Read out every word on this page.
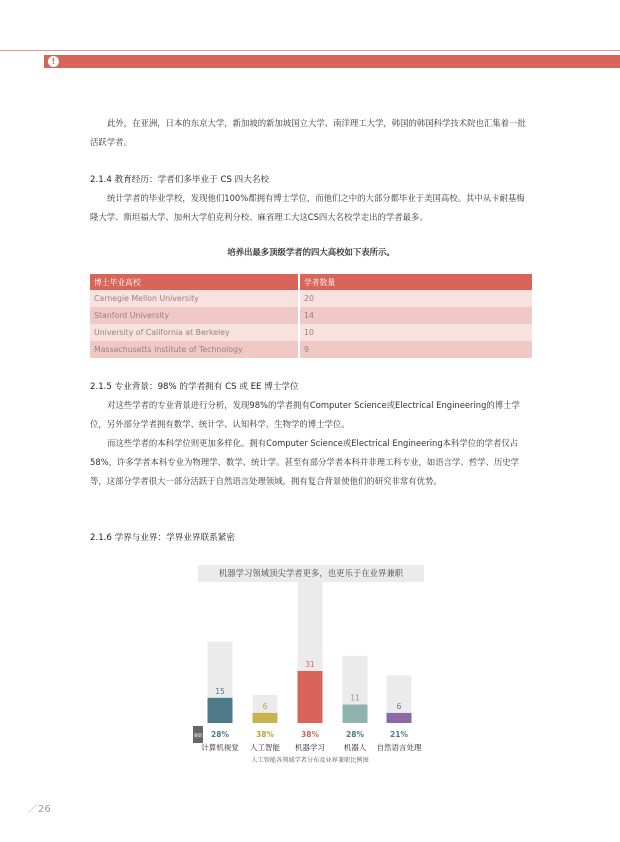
!

此外，在亚洲，日本的东京大学，新加坡的新加坡国立大学、南洋理工大学，韩国的韩国科学技术院也汇集着一批活跃学者。

2.1.4 教育经历：学者们多毕业于 CS 四大名校

统计学者的毕业学校，发现他们100%都拥有博士学位，而他们之中的大部分都毕业于美国高校。其中从卡耐基梅隆大学、斯坦福大学、加州大学伯克利分校、麻省理工大这CS四大名校学走出的学者最多。

培养出最多顶级学者的四大高校如下表所示。
博士毕业高校	学者数量
Carnegie Mellon University	20
Stanford University	14
University of California at Berkeley	10
Massachusetts Institute of Technology	9

2.1.5 专业背景：98% 的学者拥有 CS 或 EE 博士学位

对这些学者的专业背景进行分析，发现98%的学者拥有Computer Science或Electrical Engineering的博士学位，另外部分学者拥有数学、统计学、认知科学、生物学的博士学位。

而这些学者的本科学位则更加多样化。拥有Computer Science或Electrical Engineering本科学位的学者仅占58%，许多学者本科专业为物理学、数学、统计学。甚至有部分学者本科并非理工科专业，如语言学、哲学、历史学等，这部分学者很大一部分活跃于自然语言处理领域，拥有复合背景使他们的研究非常有优势。

2.1.6 学界与业界：学界业界联系紧密

机器学习领域顶尖学者更多，也更乐于在业界兼职
兼职
15
28%
计算机视觉
6
38%
人工智能
31
38%
机器学习
11
28%
机器人
6
21%
自然语言处理
人工智能各领域学者分布及业界兼职比例图
／26
